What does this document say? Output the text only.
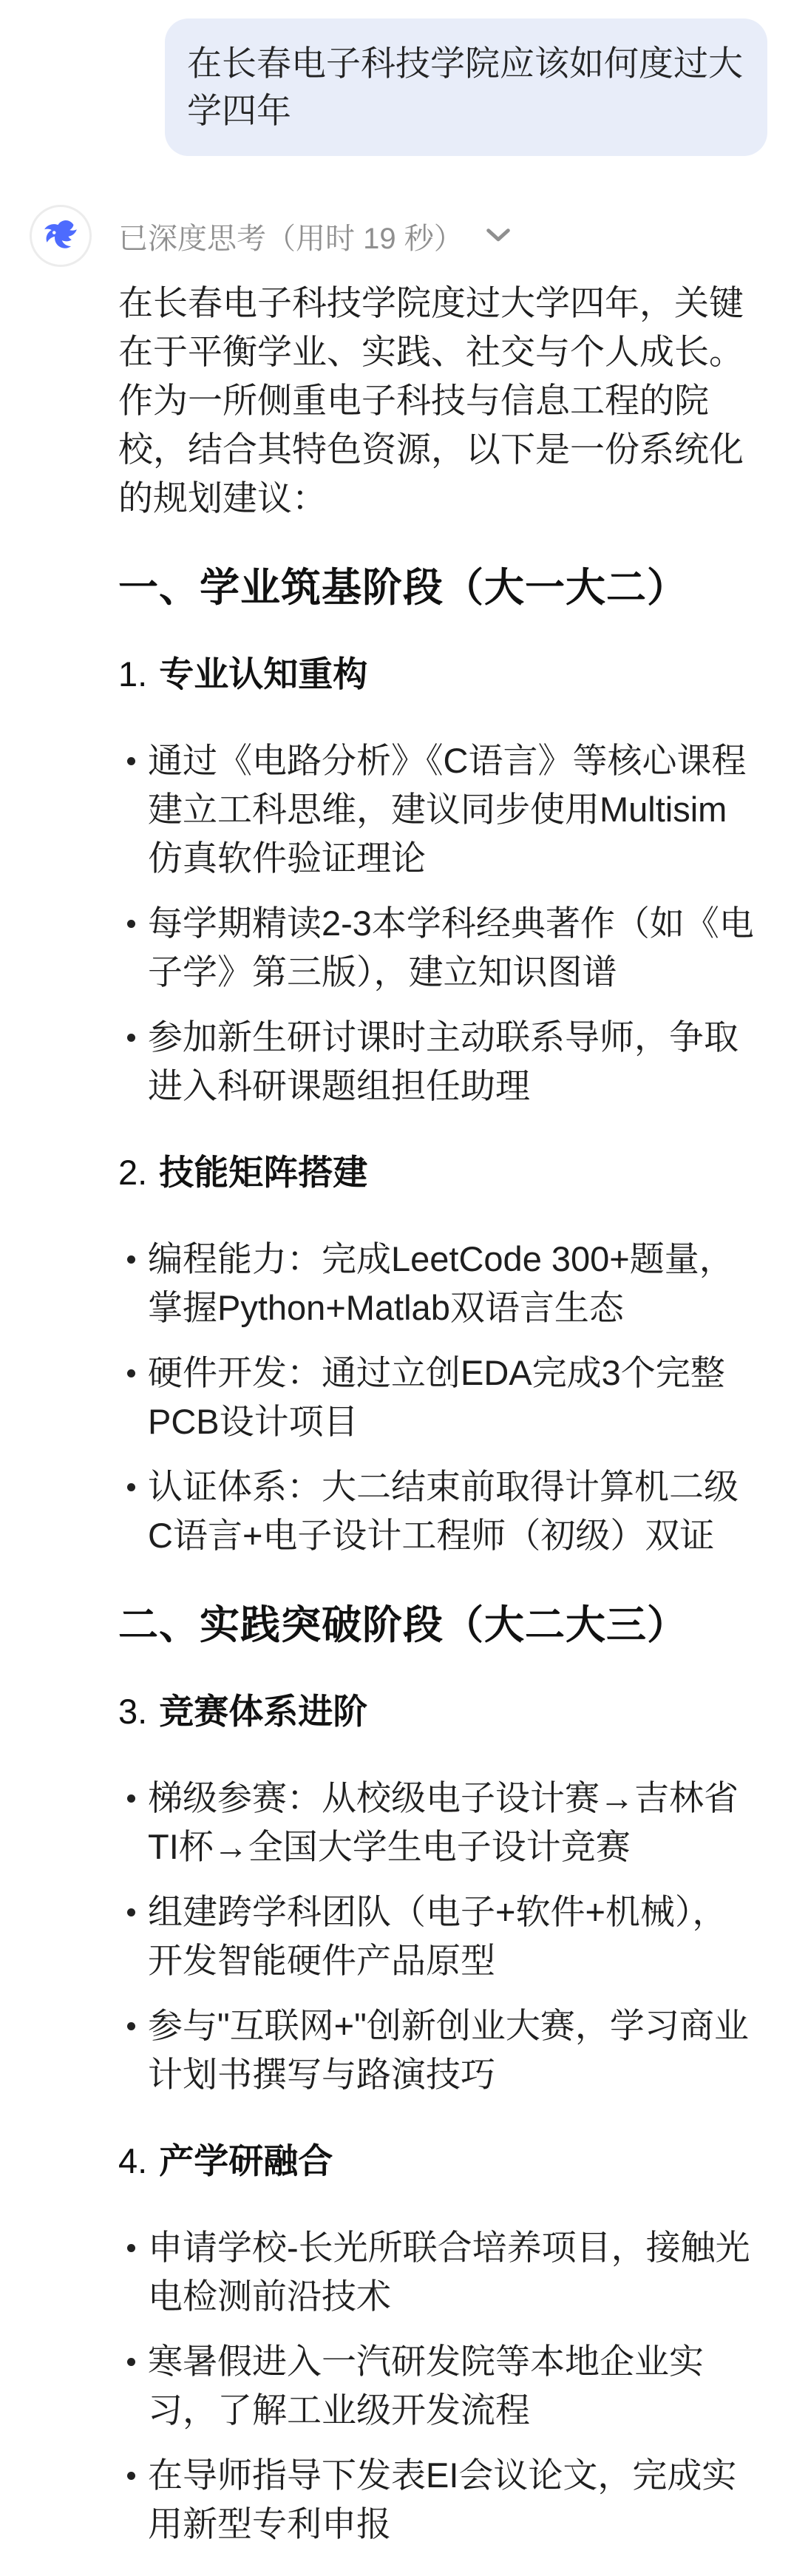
在长春电子科技学院应该如何度过大学四年
已深度思考（用时 19 秒）

在长春电子科技学院度过大学四年，关键在于平衡学业、实践、社交与个人成长。作为一所侧重电子科技与信息工程的院校，结合其特色资源，以下是一份系统化的规划建议：

一、学业筑基阶段（大一大二）
1. 专业认知重构
通过《电路分析》《C语言》等核心课程建立工科思维，建议同步使用Multisim仿真软件验证理论
每学期精读2-3本学科经典著作（如《电子学》第三版），建立知识图谱
参加新生研讨课时主动联系导师，争取进入科研课题组担任助理
2. 技能矩阵搭建
编程能力：完成LeetCode 300+题量，掌握Python+Matlab双语言生态
硬件开发：通过立创EDA完成3个完整PCB设计项目
认证体系：大二结束前取得计算机二级C语言+电子设计工程师（初级）双证
二、实践突破阶段（大二大三）
3. 竞赛体系进阶
梯级参赛：从校级电子设计赛→吉林省TI杯→全国大学生电子设计竞赛
组建跨学科团队（电子+软件+机械），开发智能硬件产品原型
参与"互联网+"创新创业大赛，学习商业计划书撰写与路演技巧
4. 产学研融合
申请学校-长光所联合培养项目，接触光电检测前沿技术
寒暑假进入一汽研发院等本地企业实习，了解工业级开发流程
在导师指导下发表EI会议论文，完成实用新型专利申报
